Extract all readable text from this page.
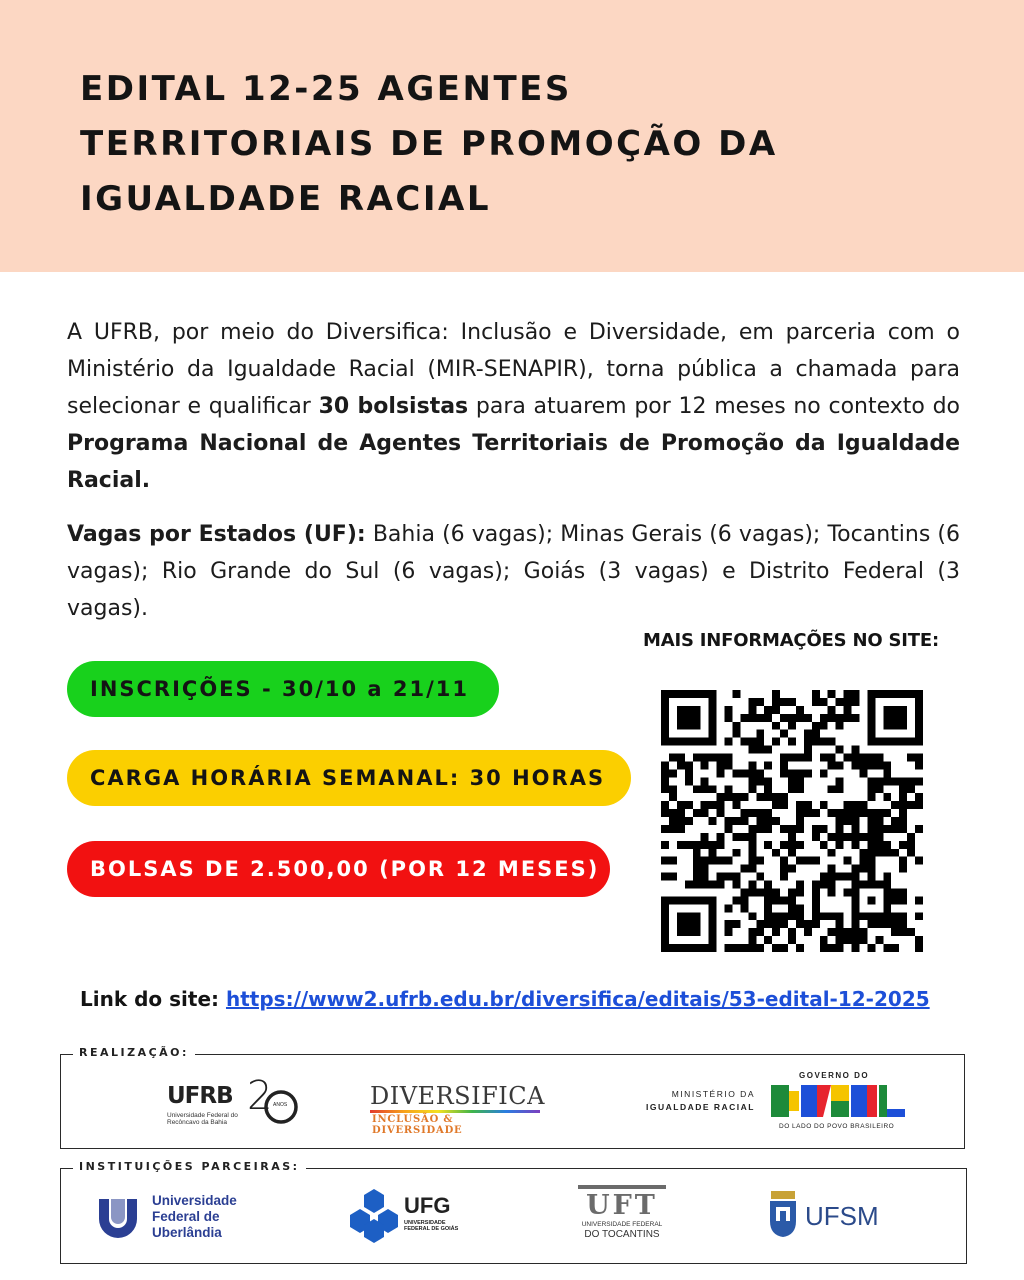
EDITAL 12-25 AGENTES
TERRITORIAIS DE PROMOÇÃO DA
IGUALDADE RACIAL

A UFRB, por meio do Diversifica: Inclusão e Diversidade, em parceria com o Ministério da Igualdade Racial (MIR-SENAPIR), torna pública a chamada para selecionar e qualificar 30 bolsistas para atuarem por 12 meses no contexto do Programa Nacional de Agentes Territoriais de Promoção da Igualdade Racial.

Vagas por Estados (UF): Bahia (6 vagas); Minas Gerais (6 vagas); Tocantins (6 vagas); Rio Grande do Sul (6 vagas); Goiás (3 vagas) e Distrito Federal (3 vagas).

INSCRIÇÕES - 30/10 a 21/11
CARGA HORÁRIA SEMANAL: 30 HORAS
BOLSAS DE 2.500,00 (POR 12 MESES)
MAIS INFORMAÇÕES NO SITE:
Link do site: https://www2.ufrb.edu.br/diversifica/editais/53-edital-12-2025
REALIZAÇÃO:
UFRB
Universidade Federal do
Recôncavo da Bahia
2 ANOS	DIVERSIFICA
INCLUSÃO & DIVERSIDADE
MINISTÉRIO DA
IGUALDADE RACIAL
GOVERNO DO
DO LADO DO POVO BRASILEIRO
INSTITUIÇÕES PARCEIRAS:
Universidade
Federal de
Uberlândia
UFG
UNIVERSIDADE
FEDERAL DE GOIÁS
UFT
UNIVERSIDADE FEDERAL
DO TOCANTINS
UFSM
